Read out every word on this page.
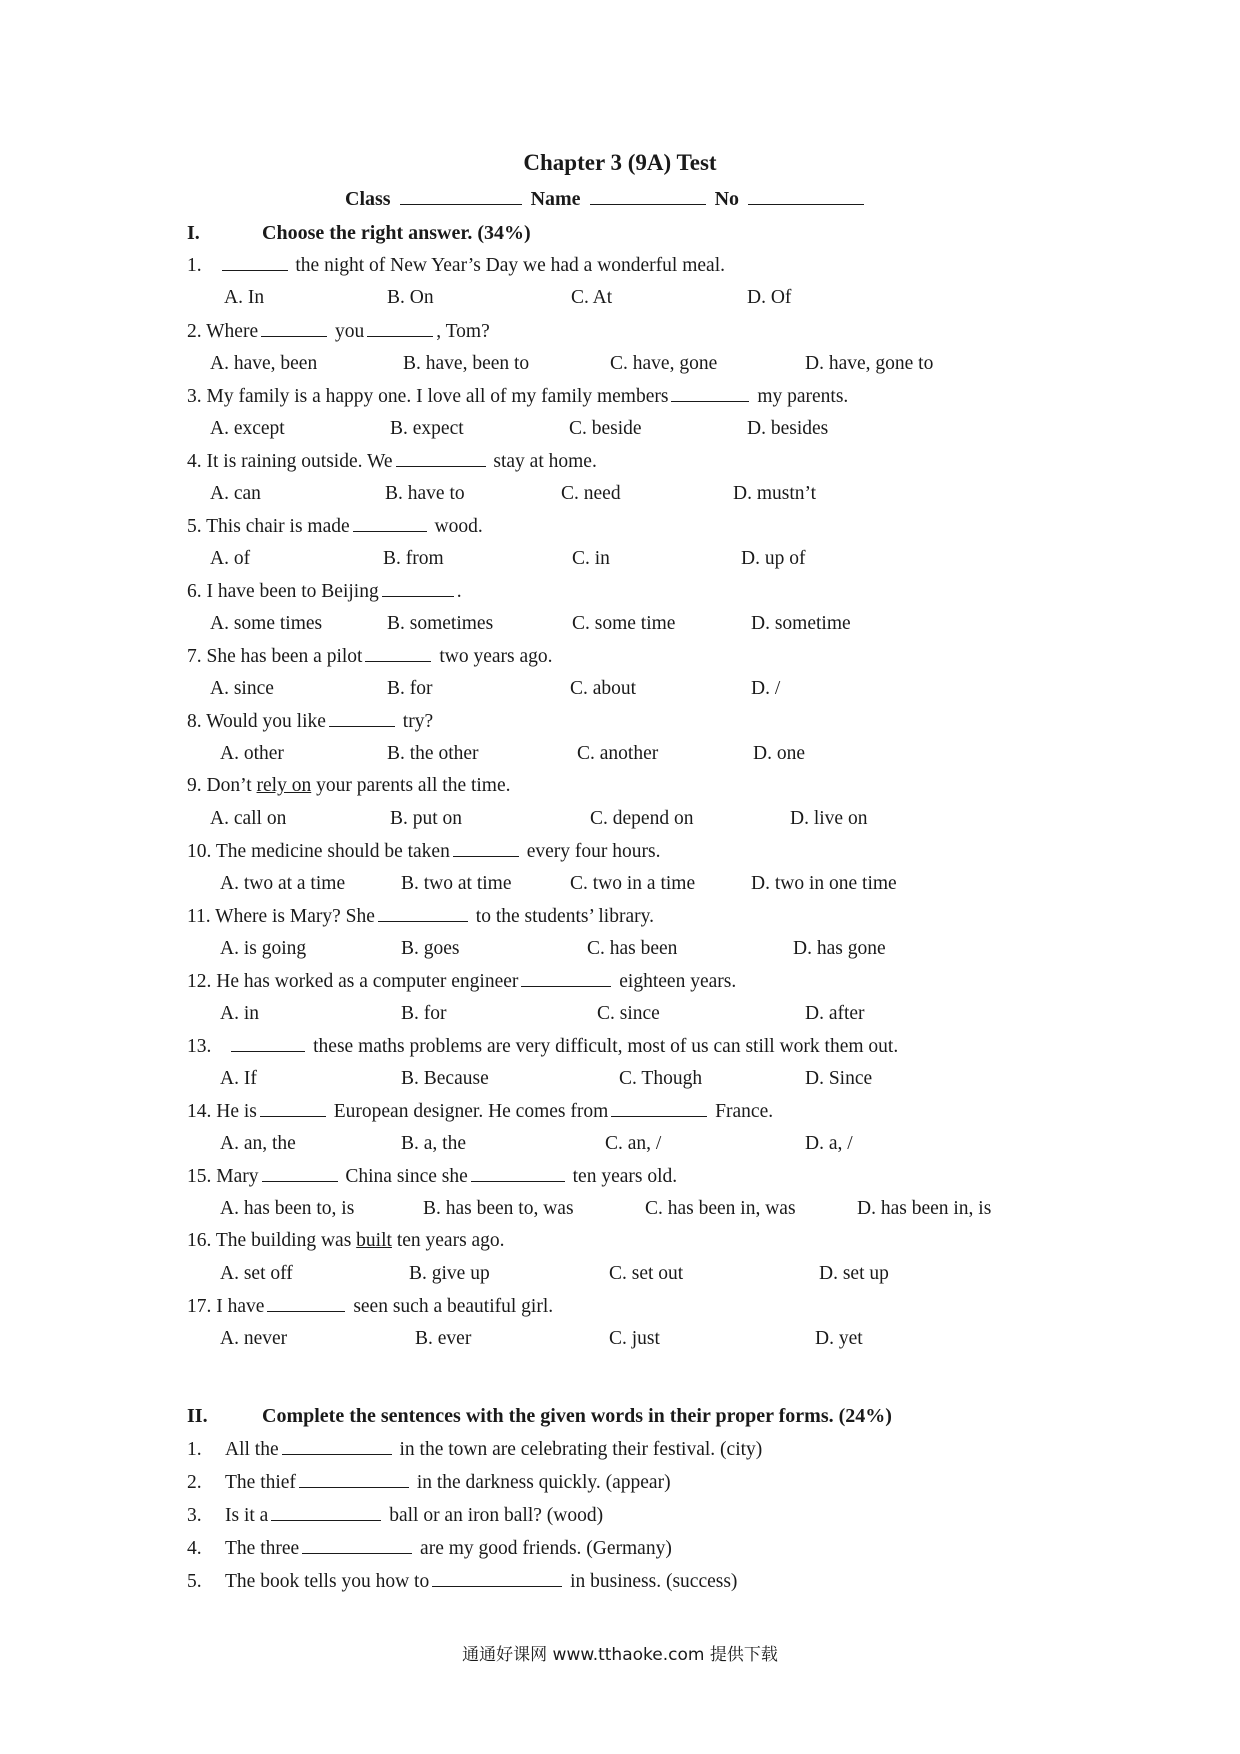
Chapter 3 (9A) Test
Class	Name	No
I.	Choose the right answer. (34%)
1.	the night of New Year’s Day we had a wonderful meal.
A. In	B. On	C. At	D. Of
2. Where	you	, Tom?
A. have, been	B. have, been to	C. have, gone	D. have, gone to
3. My family is a happy one. I love all of my family members	my parents.
A. except	B. expect	C. beside	D. besides
4. It is raining outside. We	stay at home.
A. can	B. have to	C. need	D. mustn’t
5. This chair is made	wood.
A. of	B. from	C. in	D. up of
6. I have been to Beijing	.
A. some times	B. sometimes	C. some time	D. sometime
7. She has been a pilot	two years ago.
A. since	B. for	C. about	D. /
8. Would you like	try?
A. other	B. the other	C. another	D. one
9. Don’t rely on your parents all the time.
A. call on	B. put on	C. depend on	D. live on
10. The medicine should be taken	every four hours.
A. two at a time	B. two at time	C. two in a time	D. two in one time
11. Where is Mary? She	to the students’ library.
A. is going	B. goes	C. has been	D. has gone
12. He has worked as a computer engineer	eighteen years.
A. in	B. for	C. since	D. after
13.	these maths problems are very difficult, most of us can still work them out.
A. If	B. Because	C. Though	D. Since
14. He is	European designer. He comes from	France.
A. an, the	B. a, the	C. an, /	D. a, /
15. Mary	China since she	ten years old.
A. has been to, is	B. has been to, was	C. has been in, was	D. has been in, is
16. The building was built ten years ago.
A. set off	B. give up	C. set out	D. set up
17. I have	seen such a beautiful girl.
A. never	B. ever	C. just	D. yet
II.	Complete the sentences with the given words in their proper forms. (24%)
1. All the	in the town are celebrating their festival. (city)
2. The thief	in the darkness quickly. (appear)
3. Is it a	ball or an iron ball? (wood)
4. The three	are my good friends. (Germany)
5. The book tells you how to	in business. (success)
通通好课网 www.tthaoke.com 提供下载
